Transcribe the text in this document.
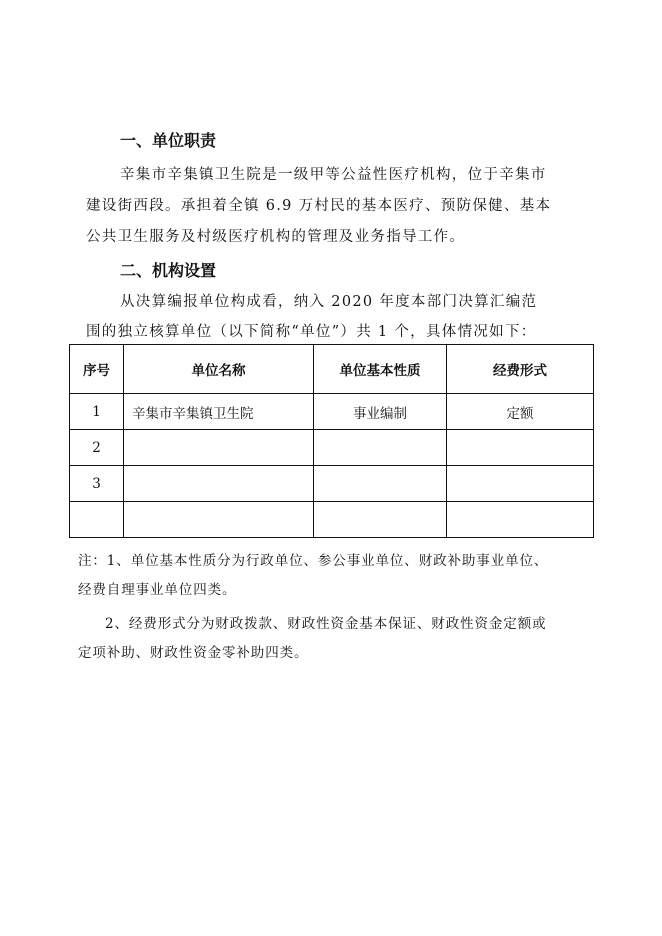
一、单位职责
辛集市辛集镇卫生院是一级甲等公益性医疗机构，位于辛集市
建设街西段。承担着全镇 6.9 万村民的基本医疗、预防保健、基本
公共卫生服务及村级医疗机构的管理及业务指导工作。
二、机构设置
从决算编报单位构成看，纳入 2020 年度本部门决算汇编范
围的独立核算单位（以下简称“单位”）共 1 个，具体情况如下：
序号	单位名称	单位基本性质	经费形式
1	辛集市辛集镇卫生院	事业编制	定额
2			
3			

注：1、单位基本性质分为行政单位、参公事业单位、财政补助事业单位、
经费自理事业单位四类。
2、经费形式分为财政拨款、财政性资金基本保证、财政性资金定额或
定项补助、财政性资金零补助四类。
